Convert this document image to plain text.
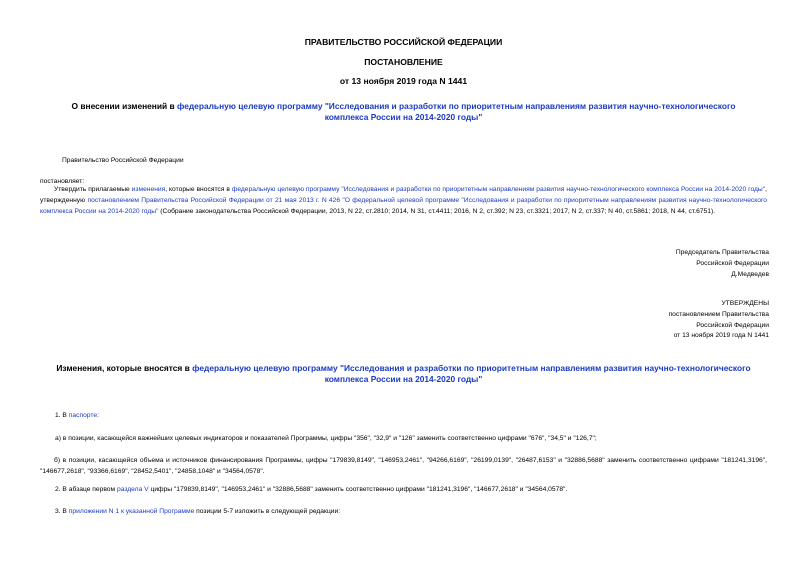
ПРАВИТЕЛЬСТВО РОССИЙСКОЙ ФЕДЕРАЦИИ
ПОСТАНОВЛЕНИЕ
от 13 ноября 2019 года N 1441
О внесении изменений в федеральную целевую программу "Исследования и разработки по приоритетным направлениям развития научно-технологического комплекса России на 2014-2020 годы"
Правительство Российской Федерации
постановляет:
Утвердить прилагаемые изменения, которые вносятся в федеральную целевую программу "Исследования и разработки по приоритетным направлениям развития научно-технологического комплекса России на 2014-2020 годы", утвержденную постановлением Правительства Российской Федерации от 21 мая 2013 г. N 426 "О федеральной целевой программе "Исследования и разработки по приоритетным направлениям развития научно-технологического комплекса России на 2014-2020 годы" (Собрание законодательства Российской Федерации, 2013, N 22, ст.2810; 2014, N 31, ст.4411; 2016, N 2, ст.392; N 23, ст.3321; 2017, N 2, ст.337; N 40, ст.5861; 2018, N 44, ст.6751).
Председатель Правительства
Российской Федерации
Д.Медведев
УТВЕРЖДЕНЫ
постановлением Правительства
Российской Федерации
от 13 ноября 2019 года N 1441
Изменения, которые вносятся в федеральную целевую программу "Исследования и разработки по приоритетным направлениям развития научно-технологического комплекса России на 2014-2020 годы"
1. В паспорте:
а) в позиции, касающейся важнейших целевых индикаторов и показателей Программы, цифры "356", "32,9" и "126" заменить соответственно цифрами "676", "34,5" и "126,7";
б) в позиции, касающейся объема и источников финансирования Программы, цифры "179839,8149", "146953,2461", "94266,6169", "26199,0139", "26487,6153" и "32886,5688" заменить соответственно цифрами "181241,3196", "146677,2618", "93366,6169", "28452,5401", "24858,1048" и "34564,0578".
2. В абзаце первом раздела V цифры "179839,8149", "146953,2461" и "32886,5688" заменить соответственно цифрами "181241,3196", "146677,2618" и "34564,0578".
3. В приложении N 1 к указанной Программе позиции 5-7 изложить в следующей редакции:
